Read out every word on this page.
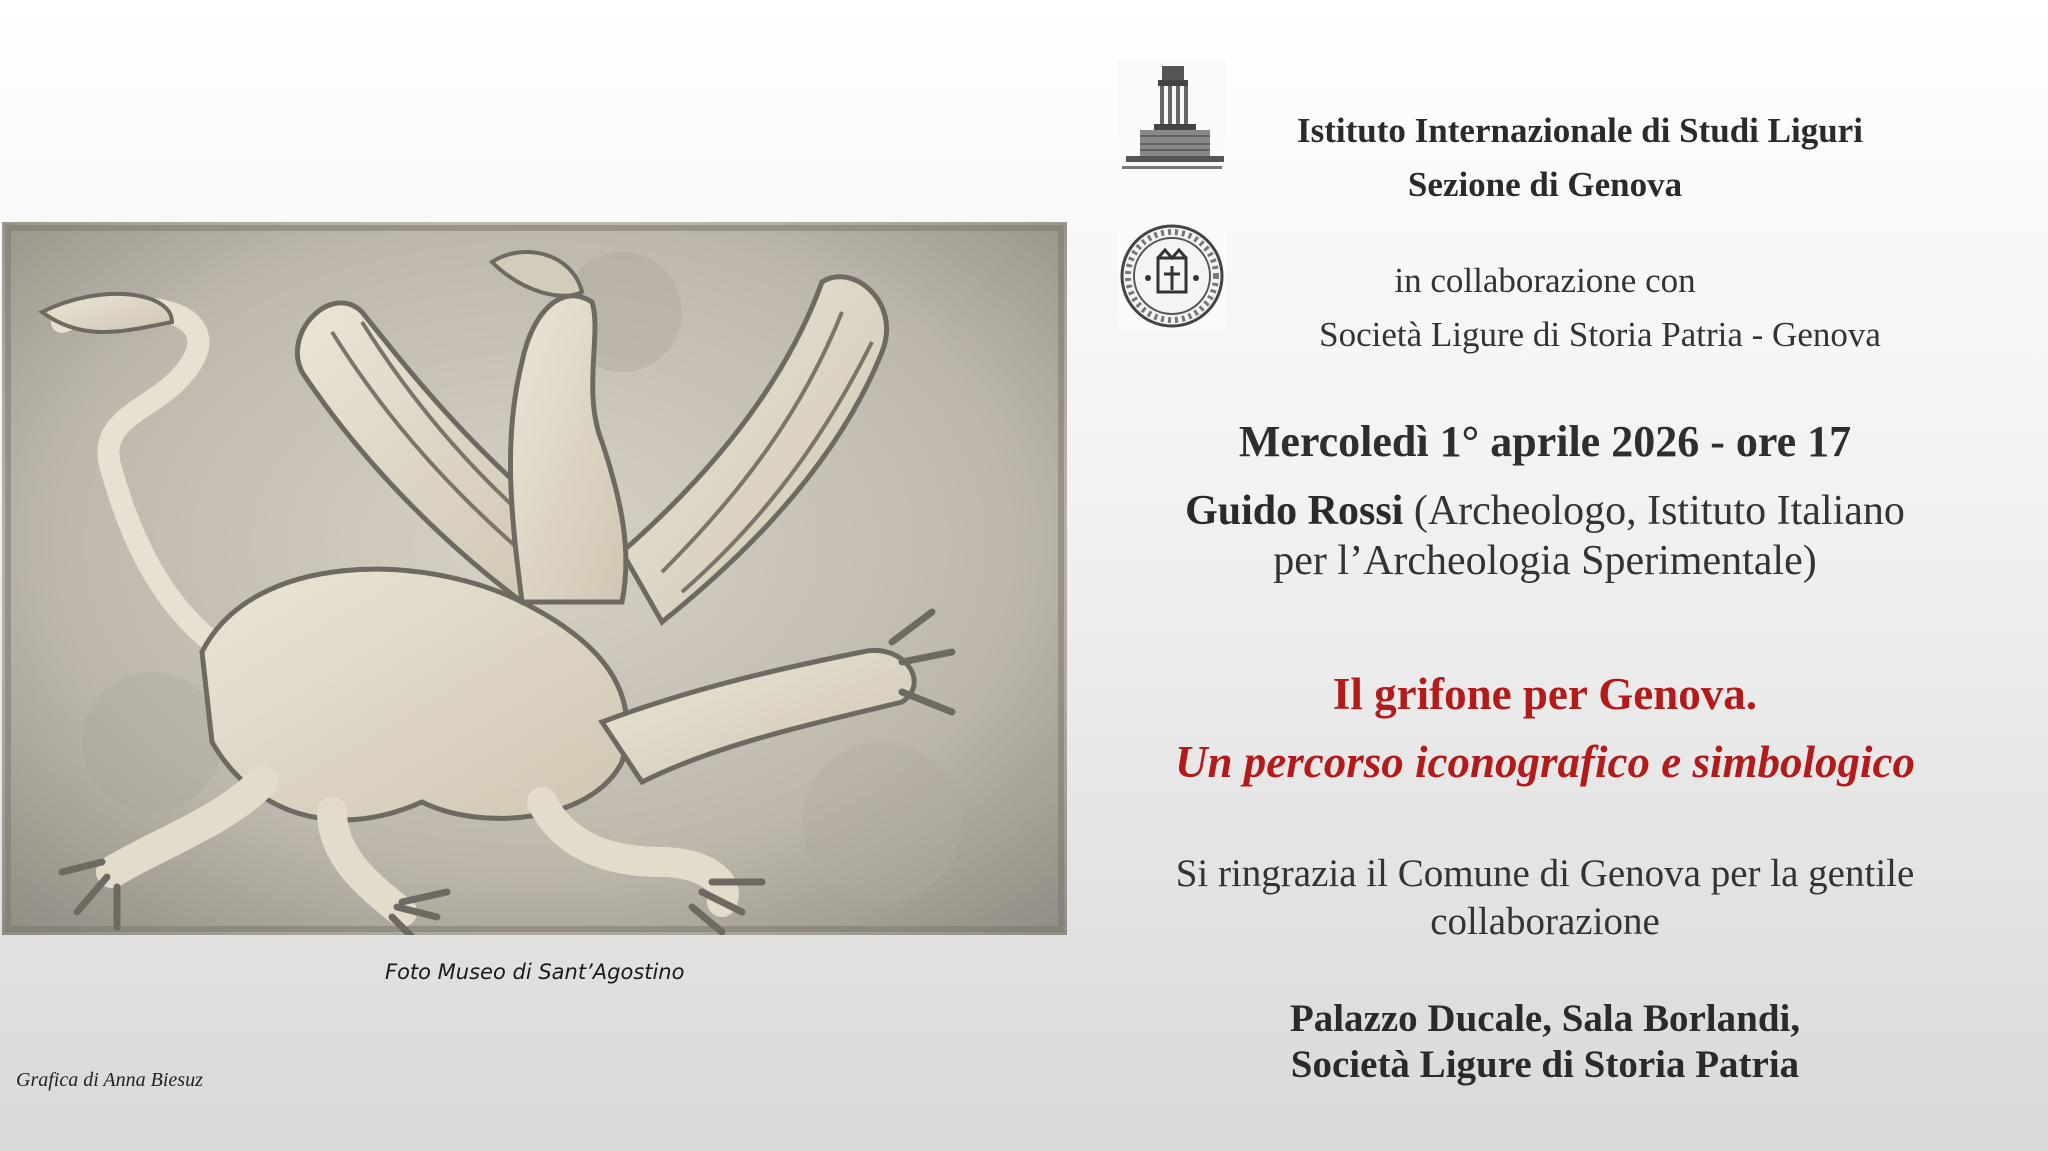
Foto Museo di Sant’Agostino
Grafica di Anna Biesuz
Istituto Internazionale di Studi Liguri
Sezione di Genova
in collaborazione con
Società Ligure di Storia Patria - Genova
Mercoledì 1° aprile 2026 - ore 17
Guido Rossi (Archeologo, Istituto Italiano
per l’Archeologia Sperimentale)
Il grifone per Genova.
Un percorso iconografico e simbologico
Si ringrazia il Comune di Genova per la gentile
collaborazione
Palazzo Ducale, Sala Borlandi,
Società Ligure di Storia Patria
